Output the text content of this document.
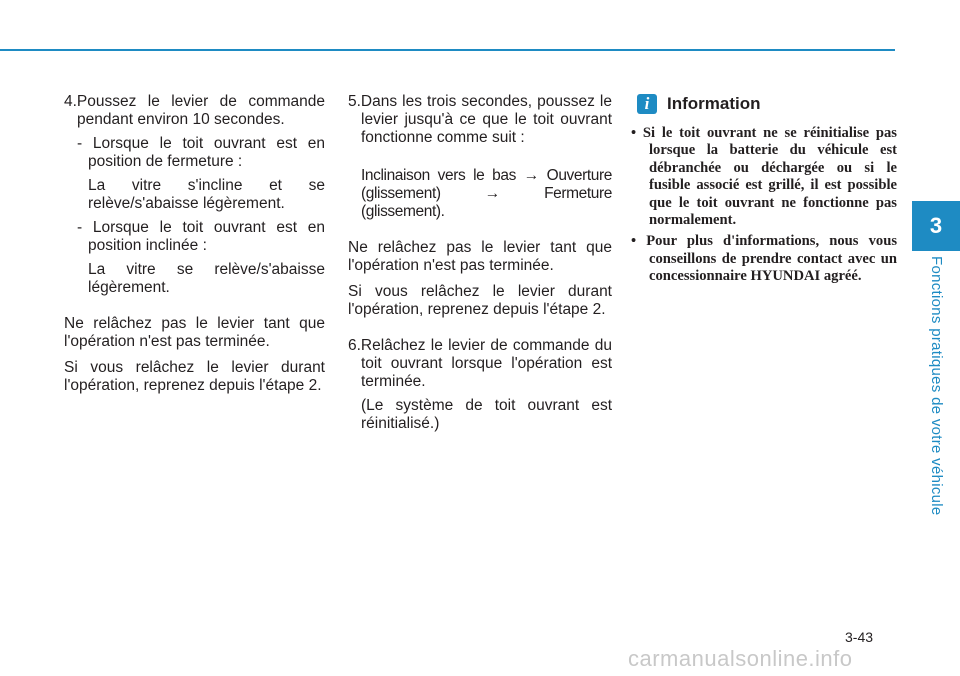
4.Poussez le levier de commande pendant environ 10 secondes.

- Lorsque le toit ouvrant est en position de fermeture :

La vitre s'incline et se relève/s'abaisse légèrement.

- Lorsque le toit ouvrant est en position inclinée :

La vitre se relève/s'abaisse légèrement.

Ne relâchez pas le levier tant que l'opération n'est pas terminée.

Si vous relâchez le levier durant l'opération, reprenez depuis l'étape 2.

5.Dans les trois secondes, poussez le levier jusqu'à ce que le toit ouvrant fonctionne comme suit :

Inclinaison vers le bas → Ouverture (glissement) → Fermeture (glissement).

Ne relâchez pas le levier tant que l'opération n'est pas terminée.

Si vous relâchez le levier durant l'opération, reprenez depuis l'étape 2.

6.Relâchez le levier de commande du toit ouvrant lorsque l'opération est terminée.

(Le système de toit ouvrant est réinitialisé.)

i	Information

• Si le toit ouvrant ne se réinitialise pas lorsque la batterie du véhicule est débranchée ou déchargée ou si le fusible associé est grillé, il est possible que le toit ouvrant ne fonctionne pas normalement.

• Pour plus d'informations, nous vous conseillons de prendre contact avec un concessionnaire HYUNDAI agréé.

3
Fonctions pratiques de votre véhicule
3-43
carmanualsonline.info
